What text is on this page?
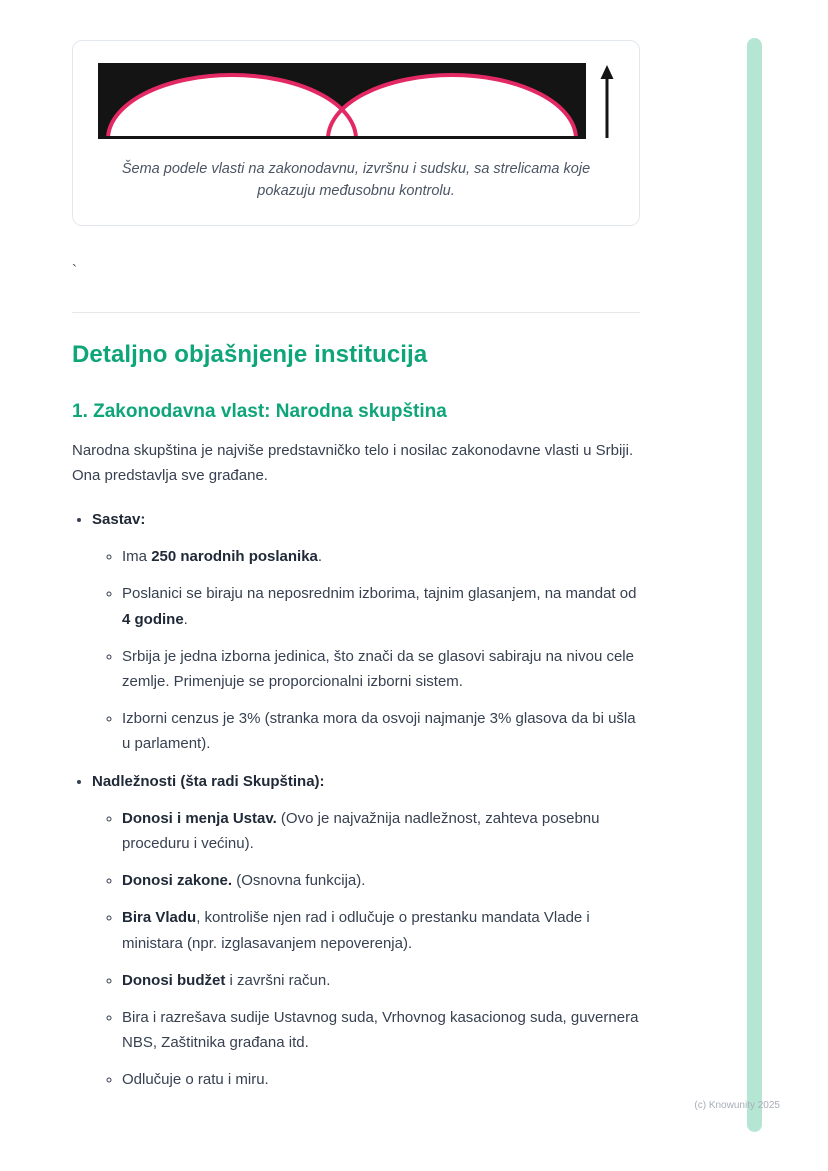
Šema podele vlasti na zakonodavnu, izvršnu i sudsku, sa strelicama koje pokazuju međusobnu kontrolu.
`
Detaljno objašnjenje institucija
1. Zakonodavna vlast: Narodna skupština

Narodna skupština je najviše predstavničko telo i nosilac zakonodavne vlasti u Srbiji. Ona predstavlja sve građane.

• Sastav:
◦ Ima 250 narodnih poslanika.
◦ Poslanici se biraju na neposrednim izborima, tajnim glasanjem, na mandat od 4 godine.
◦ Srbija je jedna izborna jedinica, što znači da se glasovi sabiraju na nivou cele zemlje. Primenjuje se proporcionalni izborni sistem.
◦ Izborni cenzus je 3% (stranka mora da osvoji najmanje 3% glasova da bi ušla u parlament).
• Nadležnosti (šta radi Skupština):
◦ Donosi i menja Ustav. (Ovo je najvažnija nadležnost, zahteva posebnu proceduru i većinu).
◦ Donosi zakone. (Osnovna funkcija).
◦ Bira Vladu, kontroliše njen rad i odlučuje o prestanku mandata Vlade i ministara (npr. izglasavanjem nepoverenja).
◦ Donosi budžet i završni račun.
◦ Bira i razrešava sudije Ustavnog suda, Vrhovnog kasacionog suda, guvernera NBS, Zaštitnika građana itd.
◦ Odlučuje o ratu i miru.
(c) Knowunity 2025
